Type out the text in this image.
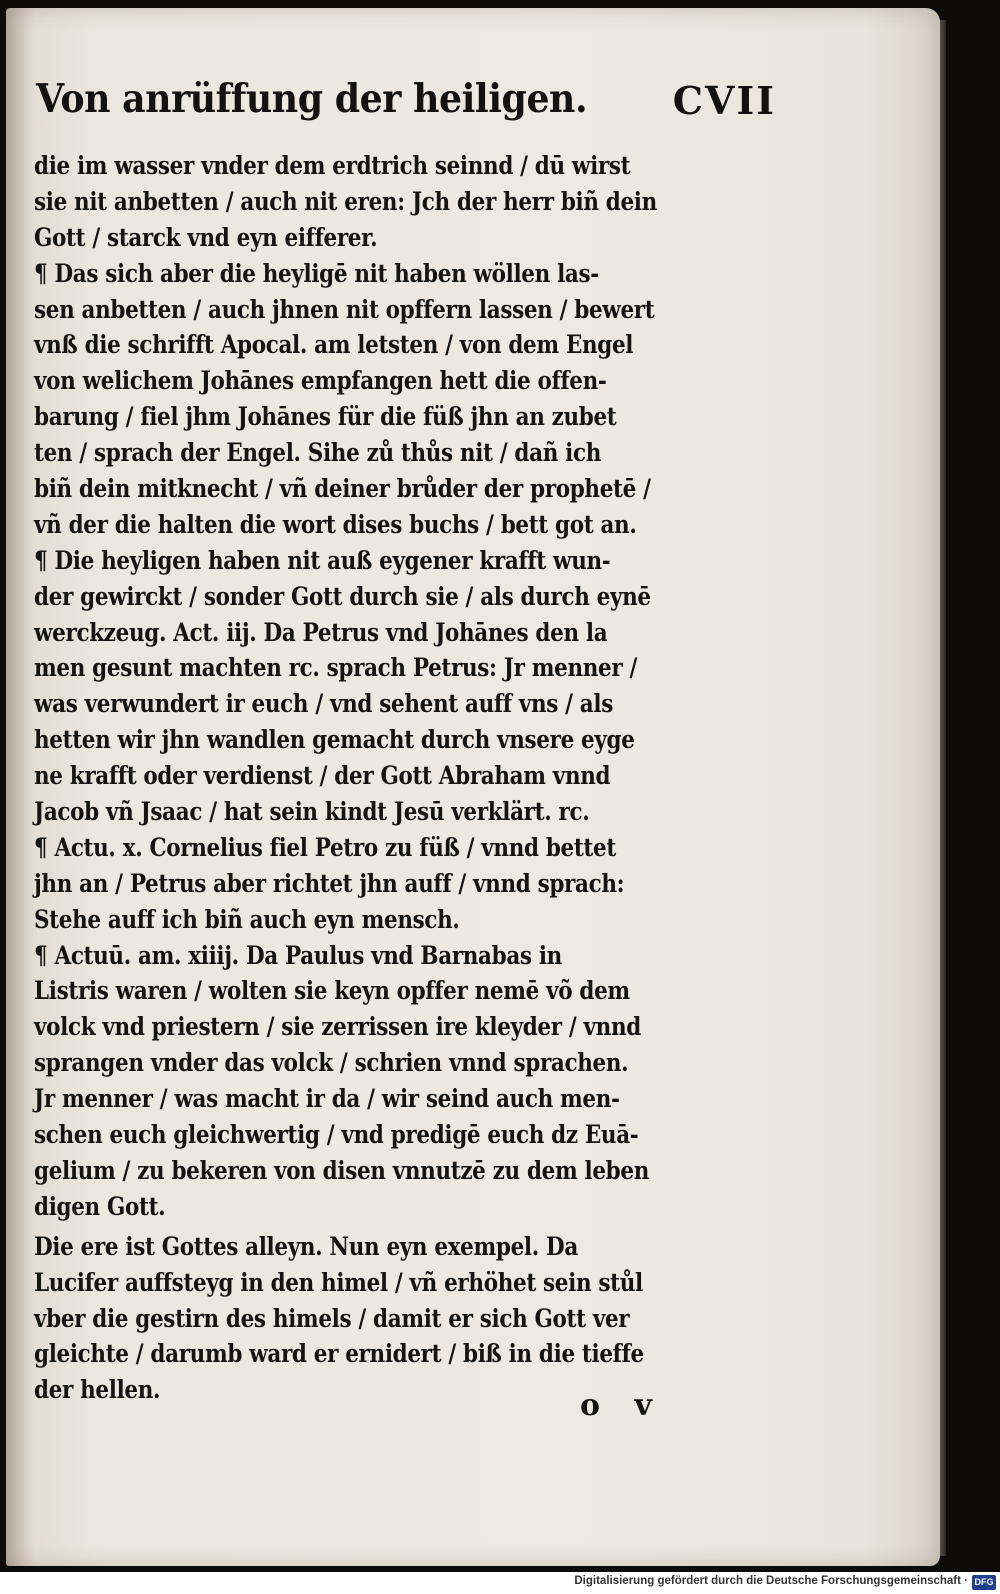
Von anrüffung der heiligen. CVII
die im wasser vnder dem erdtrich seinnd / dū wirst
sie nit anbetten / auch nit eren: Jch der herr biñ dein
Gott / starck vnd eyn eifferer.
¶ Das sich aber die heyligē nit haben wöllen las-
sen anbetten / auch jhnen nit opffern lassen / bewert
vnß die schrifft Apocal. am letsten / von dem Engel
von welichem Johānes empfangen hett die offen-
barung / fiel jhm Johānes für die füß jhn an zubet
ten / sprach der Engel. Sihe zů thůs nit / dañ ich
biñ dein mitknecht / vñ deiner brůder der prophetē /
vñ der die halten die wort dises buchs / bett got an.
¶ Die heyligen haben nit auß eygener krafft wun-
der gewirckt / sonder Gott durch sie / als durch eynē
werckzeug. Act. iij. Da Petrus vnd Johānes den la
men gesunt machten rc. sprach Petrus: Jr menner /
was verwundert ir euch / vnd sehent auff vns / als
hetten wir jhn wandlen gemacht durch vnsere eyge
ne krafft oder verdienst / der Gott Abraham vnnd
Jacob vñ Jsaac / hat sein kindt Jesū verklärt. rc.
¶ Actu. x. Cornelius fiel Petro zu füß / vnnd bettet
jhn an / Petrus aber richtet jhn auff / vnnd sprach:
Stehe auff ich biñ auch eyn mensch.
¶ Actuū. am. xiiij. Da Paulus vnd Barnabas in
Listris waren / wolten sie keyn opffer nemē võ dem
volck vnd priestern / sie zerrissen ire kleyder / vnnd
sprangen vnder das volck / schrien vnnd sprachen.
Jr menner / was macht ir da / wir seind auch men-
schen euch gleichwertig / vnd predigē euch dz Euā-
gelium / zu bekeren von disen vnnutzē zu dem leben
digen Gott.
Die ere ist Gottes alleyn. Nun eyn exempel. Da
Lucifer auffsteyg in den himel / vñ erhöhet sein stůl
vber die gestirn des himels / damit er sich Gott ver
gleichte / darumb ward er ernidert / biß in die tieffe
der hellen.	o v
Digitalisierung gefördert durch die Deutsche Forschungsgemeinschaft · DFG
